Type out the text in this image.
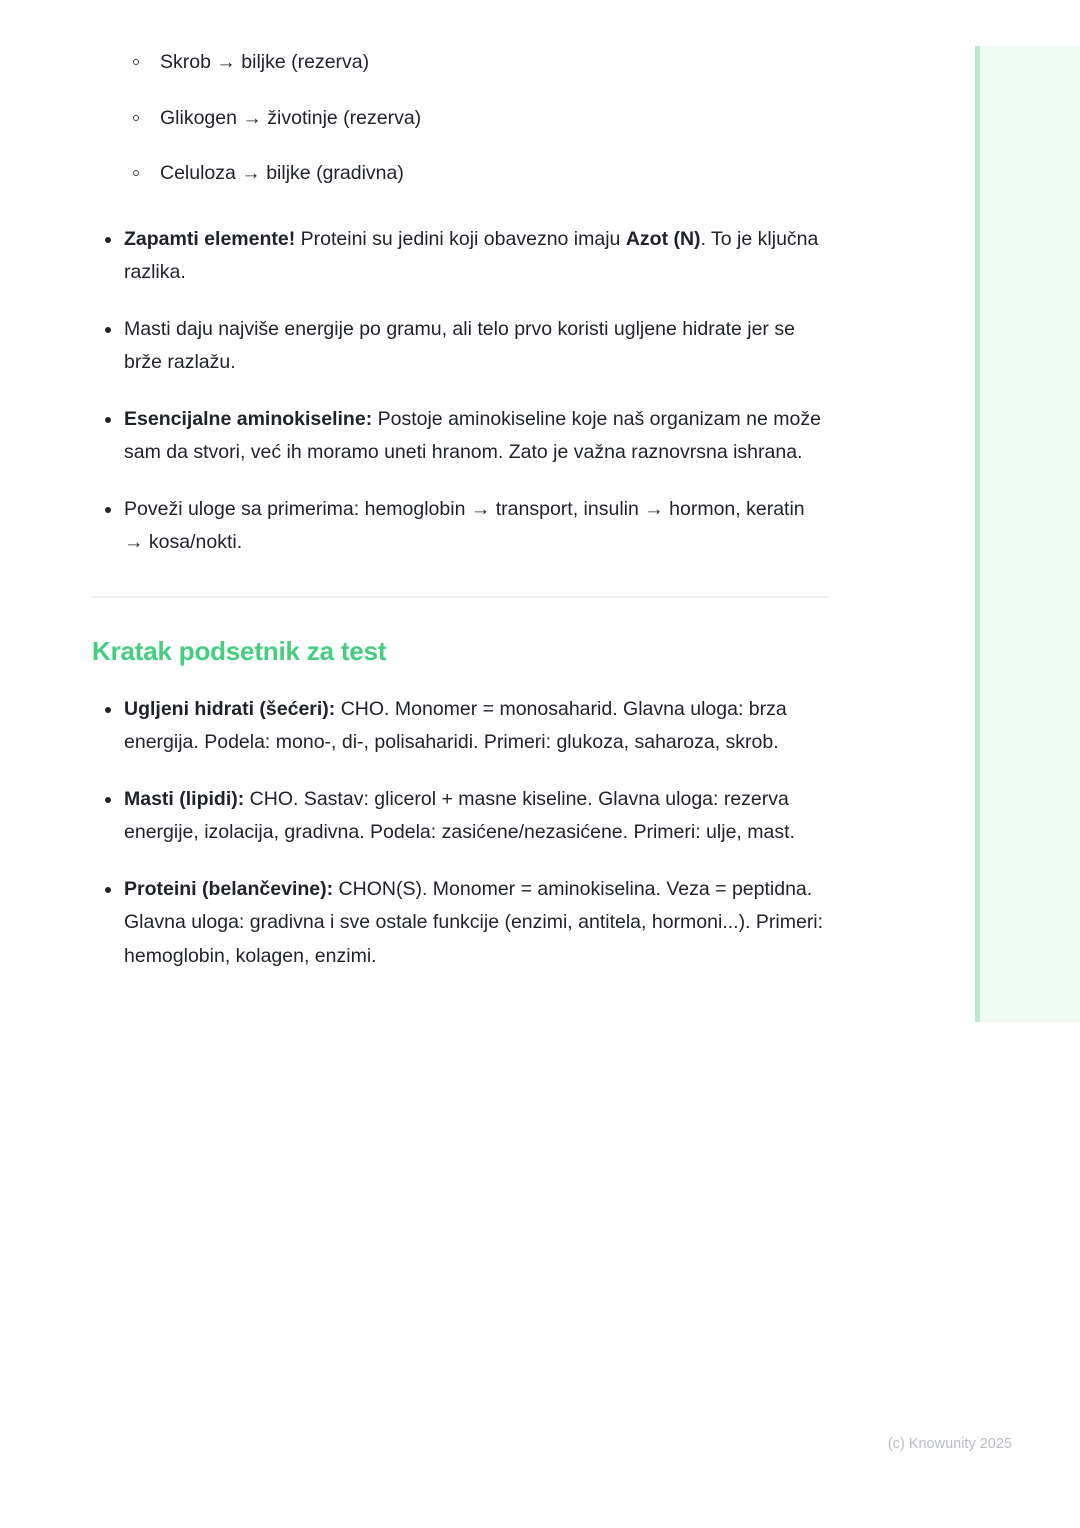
Skrob → biljke (rezerva)
Glikogen → životinje (rezerva)
Celuloza → biljke (gradivna)
Zapamti elemente! Proteini su jedini koji obavezno imaju Azot (N). To je ključna razlika.
Masti daju najviše energije po gramu, ali telo prvo koristi ugljene hidrate jer se brže razlažu.
Esencijalne aminokiseline: Postoje aminokiseline koje naš organizam ne može sam da stvori, već ih moramo uneti hranom. Zato je važna raznovrsna ishrana.
Poveži uloge sa primerima: hemoglobin → transport, insulin → hormon, keratin → kosa/nokti.
Kratak podsetnik za test
Ugljeni hidrati (šećeri): CHO. Monomer = monosaharid. Glavna uloga: brza energija. Podela: mono-, di-, polisaharidi. Primeri: glukoza, saharoza, skrob.
Masti (lipidi): CHO. Sastav: glicerol + masne kiseline. Glavna uloga: rezerva energije, izolacija, gradivna. Podela: zasićene/nezasićene. Primeri: ulje, mast.
Proteini (belančevine): CHON(S). Monomer = aminokiselina. Veza = peptidna. Glavna uloga: gradivna i sve ostale funkcije (enzimi, antitela, hormoni...). Primeri: hemoglobin, kolagen, enzimi.
(c) Knowunity 2025
